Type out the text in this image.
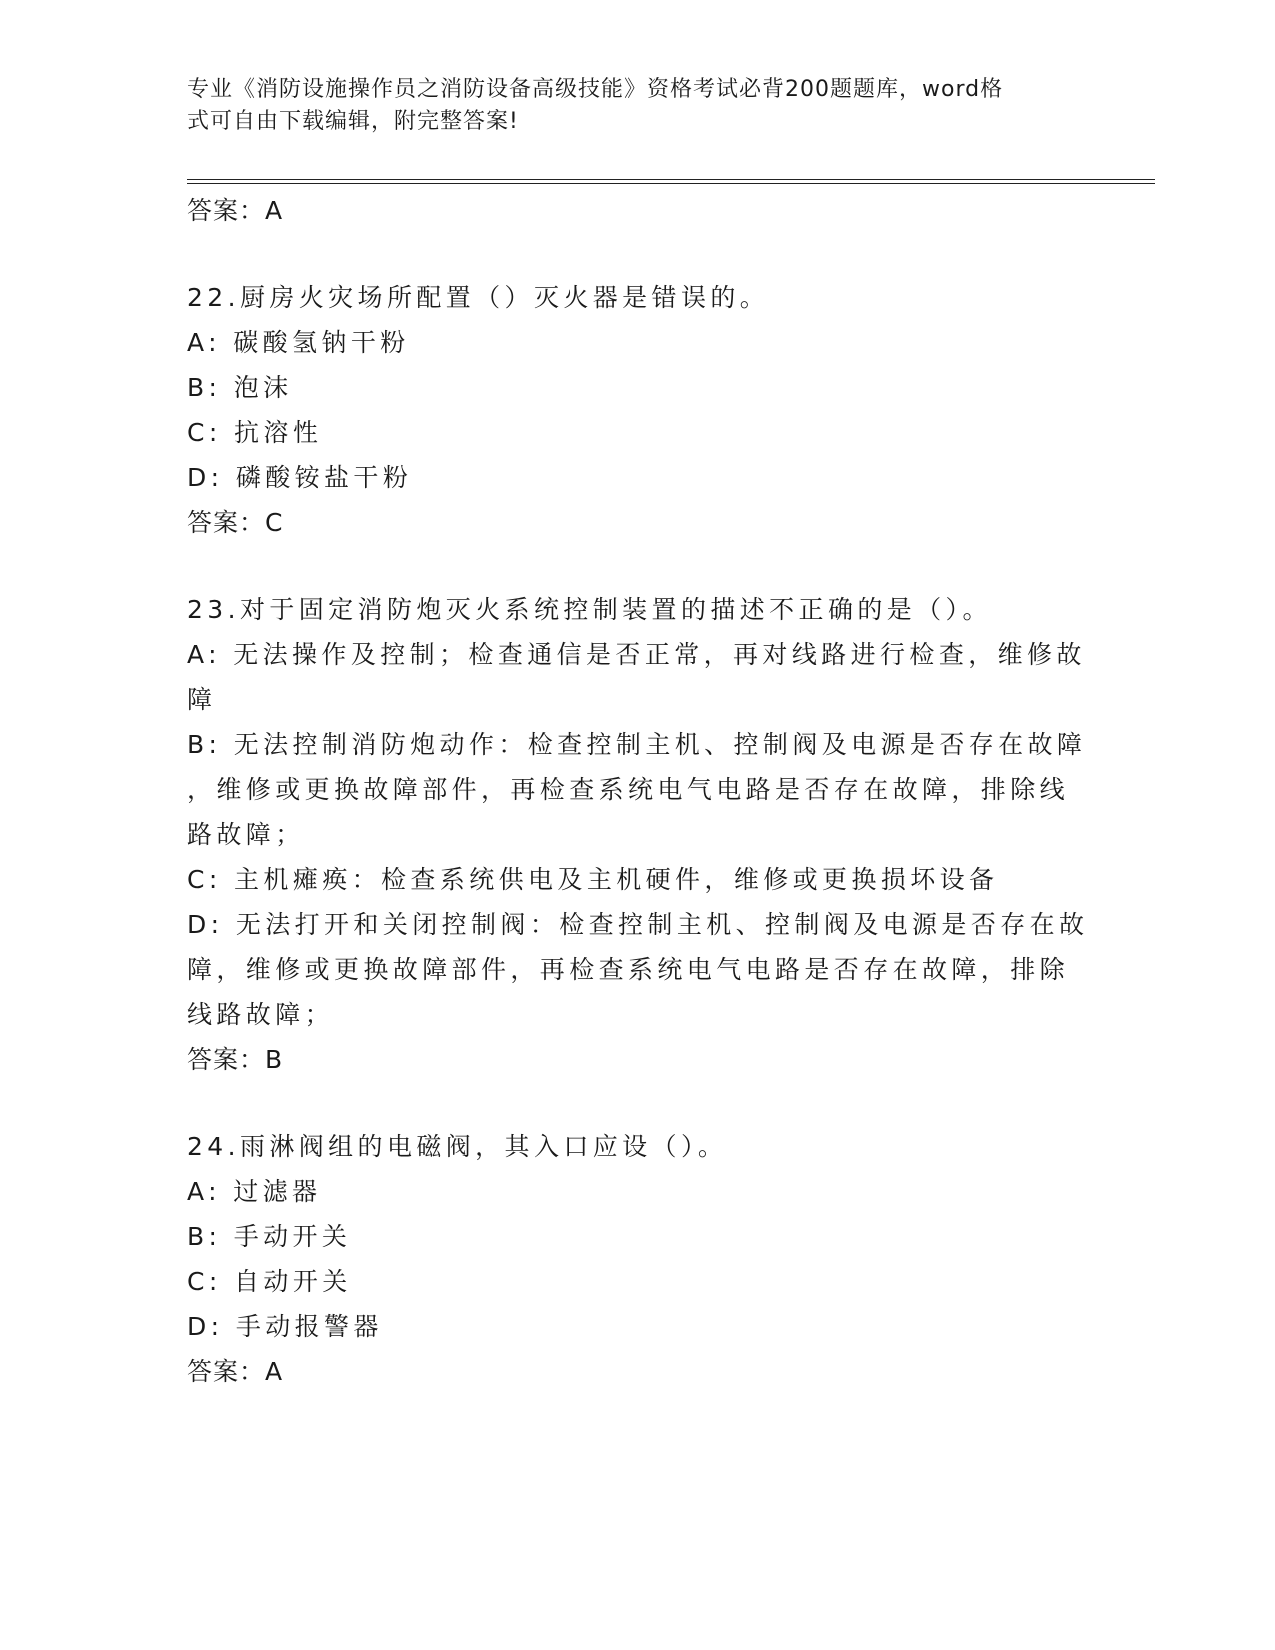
专业《消防设施操作员之消防设备高级技能》资格考试必背200题题库，word格
式可自由下载编辑，附完整答案!
答案：A
22.厨房火灾场所配置（）灭火器是错误的。
A: 碳酸氢钠干粉
B: 泡沫
C: 抗溶性
D: 磷酸铵盐干粉
答案：C
23.对于固定消防炮灭火系统控制装置的描述不正确的是（）。
A: 无法操作及控制；检查通信是否正常，再对线路进行检查，维修故
障
B: 无法控制消防炮动作：检查控制主机、控制阀及电源是否存在故障
，维修或更换故障部件，再检查系统电气电路是否存在故障，排除线
路故障；
C: 主机瘫痪：检查系统供电及主机硬件，维修或更换损坏设备
D: 无法打开和关闭控制阀：检查控制主机、控制阀及电源是否存在故
障，维修或更换故障部件，再检查系统电气电路是否存在故障，排除
线路故障；
答案：B
24.雨淋阀组的电磁阀，其入口应设（）。
A: 过滤器
B: 手动开关
C: 自动开关
D: 手动报警器
答案：A
